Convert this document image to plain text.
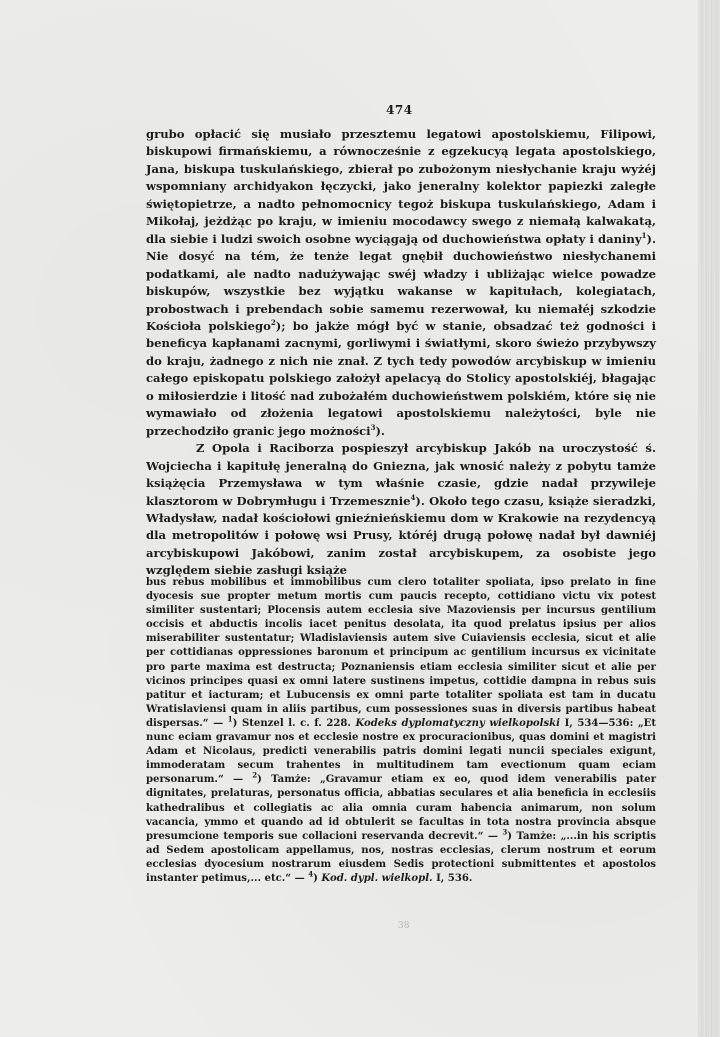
474

grubo opłacić się musiało przesztemu legatowi apostolskiemu, Filipowi, biskupowi firmańskiemu, a równocześnie z egzekucyą legata apostolskiego, Jana, biskupa tuskulańskiego, zbierał po zubożonym niesłychanie kraju wyżéj wspomniany archidyakon łęczycki, jako jeneralny kolektor papiezki zaległe świętopietrze, a nadto pełnomocnicy tegoż biskupa tuskulańskiego, Adam i Mikołaj, jeżdżąc po kraju, w imieniu mocodawcy swego z niemałą kalwakatą, dla siebie i ludzi swoich osobne wyciągają od duchowieństwa opłaty i daniny$^1$). Nie dosyć na tém, że tenże legat gnębił duchowieństwo niesłychanemi podatkami, ale nadto nadużywając swéj władzy i ubliżając wielce powadze biskupów, wszystkie bez wyjątku wakanse w kapitułach, kolegiatach, probostwach i prebendach sobie samemu rezerwował, ku niemałéj szkodzie Kościoła polskiego$^2$); bo jakże mógł być w stanie, obsadzać też godności i beneficya kapłanami zacnymi, gorliwymi i światłymi, skoro świeżo przybywszy do kraju, żadnego z nich nie znał. Z tych tedy powodów arcybiskup w imieniu całego episkopatu polskiego założył apelacyą do Stolicy apostolskiéj, błagając o miłosierdzie i litość nad zubożałém duchowieństwem polskiém, które się nie wymawiało od złożenia legatowi apostolskiemu należytości, byle nie przechodziło granic jego możności$^3$).

Z Opola i Raciborza pospieszył arcybiskup Jakób na uroczystość ś. Wojciecha i kapitułę jeneralną do Gniezna, jak wnosić należy z pobytu tamże książęcia Przemysława w tym właśnie czasie, gdzie nadał przywileje klasztorom w Dobrymługu i Trzemesznie$^4$). Około tego czasu, książe sieradzki, Władysław, nadał kościołowi gnieźnieńskiemu dom w Krakowie na rezydencyą dla metropolitów i połowę wsi Prusy, któréj drugą połowę nadał był dawniéj arcybiskupowi Jakóbowi, zanim został arcybiskupem, za osobiste jego względem siebie zasługi książe

bus rebus mobilibus et immobilibus cum clero totaliter spoliata, ipso prelato in fine dyocesis sue propter metum mortis cum paucis recepto, cottidiano victu vix potest similiter sustentari; Plocensis autem ecclesia sive Mazoviensis per incursus gentilium occisis et abductis incolis iacet penitus desolata, ita quod prelatus ipsius per alios miserabiliter sustentatur; Wladislaviensis autem sive Cuiaviensis ecclesia, sicut et alie per cottidianas oppressiones baronum et principum ac gentilium incursus ex vicinitate pro parte maxima est destructa; Poznaniensis etiam ecclesia similiter sicut et alie per vicinos principes quasi ex omni latere sustinens impetus, cottidie dampna in rebus suis patitur et iacturam; et Lubucensis ex omni parte totaliter spoliata est tam in ducatu Wratislaviensi quam in aliis partibus, cum possessiones suas in diversis partibus habeat dispersas.“ — $^1$) Stenzel l. c. f. 228. Kodeks dyplomatyczny wielkopolski I, 534—536: „Et nunc eciam gravamur nos et ecclesie nostre ex procuracionibus, quas domini et magistri Adam et Nicolaus, predicti venerabilis patris domini legati nuncii speciales exigunt, immoderatam secum trahentes in multitudinem tam evectionum quam eciam personarum.“ — $^2$) Tamże: „Gravamur etiam ex eo, quod idem venerabilis pater dignitates, prelaturas, personatus officia, abbatias seculares et alia beneficia in ecclesiis kathedralibus et collegiatis ac alia omnia curam habencia animarum, non solum vacancia, ymmo et quando ad id obtulerit se facultas in tota nostra provincia absque presumcione temporis sue collacioni reservanda decrevit.“ — $^3$) Tamże: „...in his scriptis ad Sedem apostolicam appellamus, nos, nostras ecclesias, clerum nostrum et eorum ecclesias dyocesium nostrarum eiusdem Sedis protectioni submittentes et apostolos instanter petimus,... etc.“ — $^4$) Kod. dypl. wielkopl. I, 536.

38
